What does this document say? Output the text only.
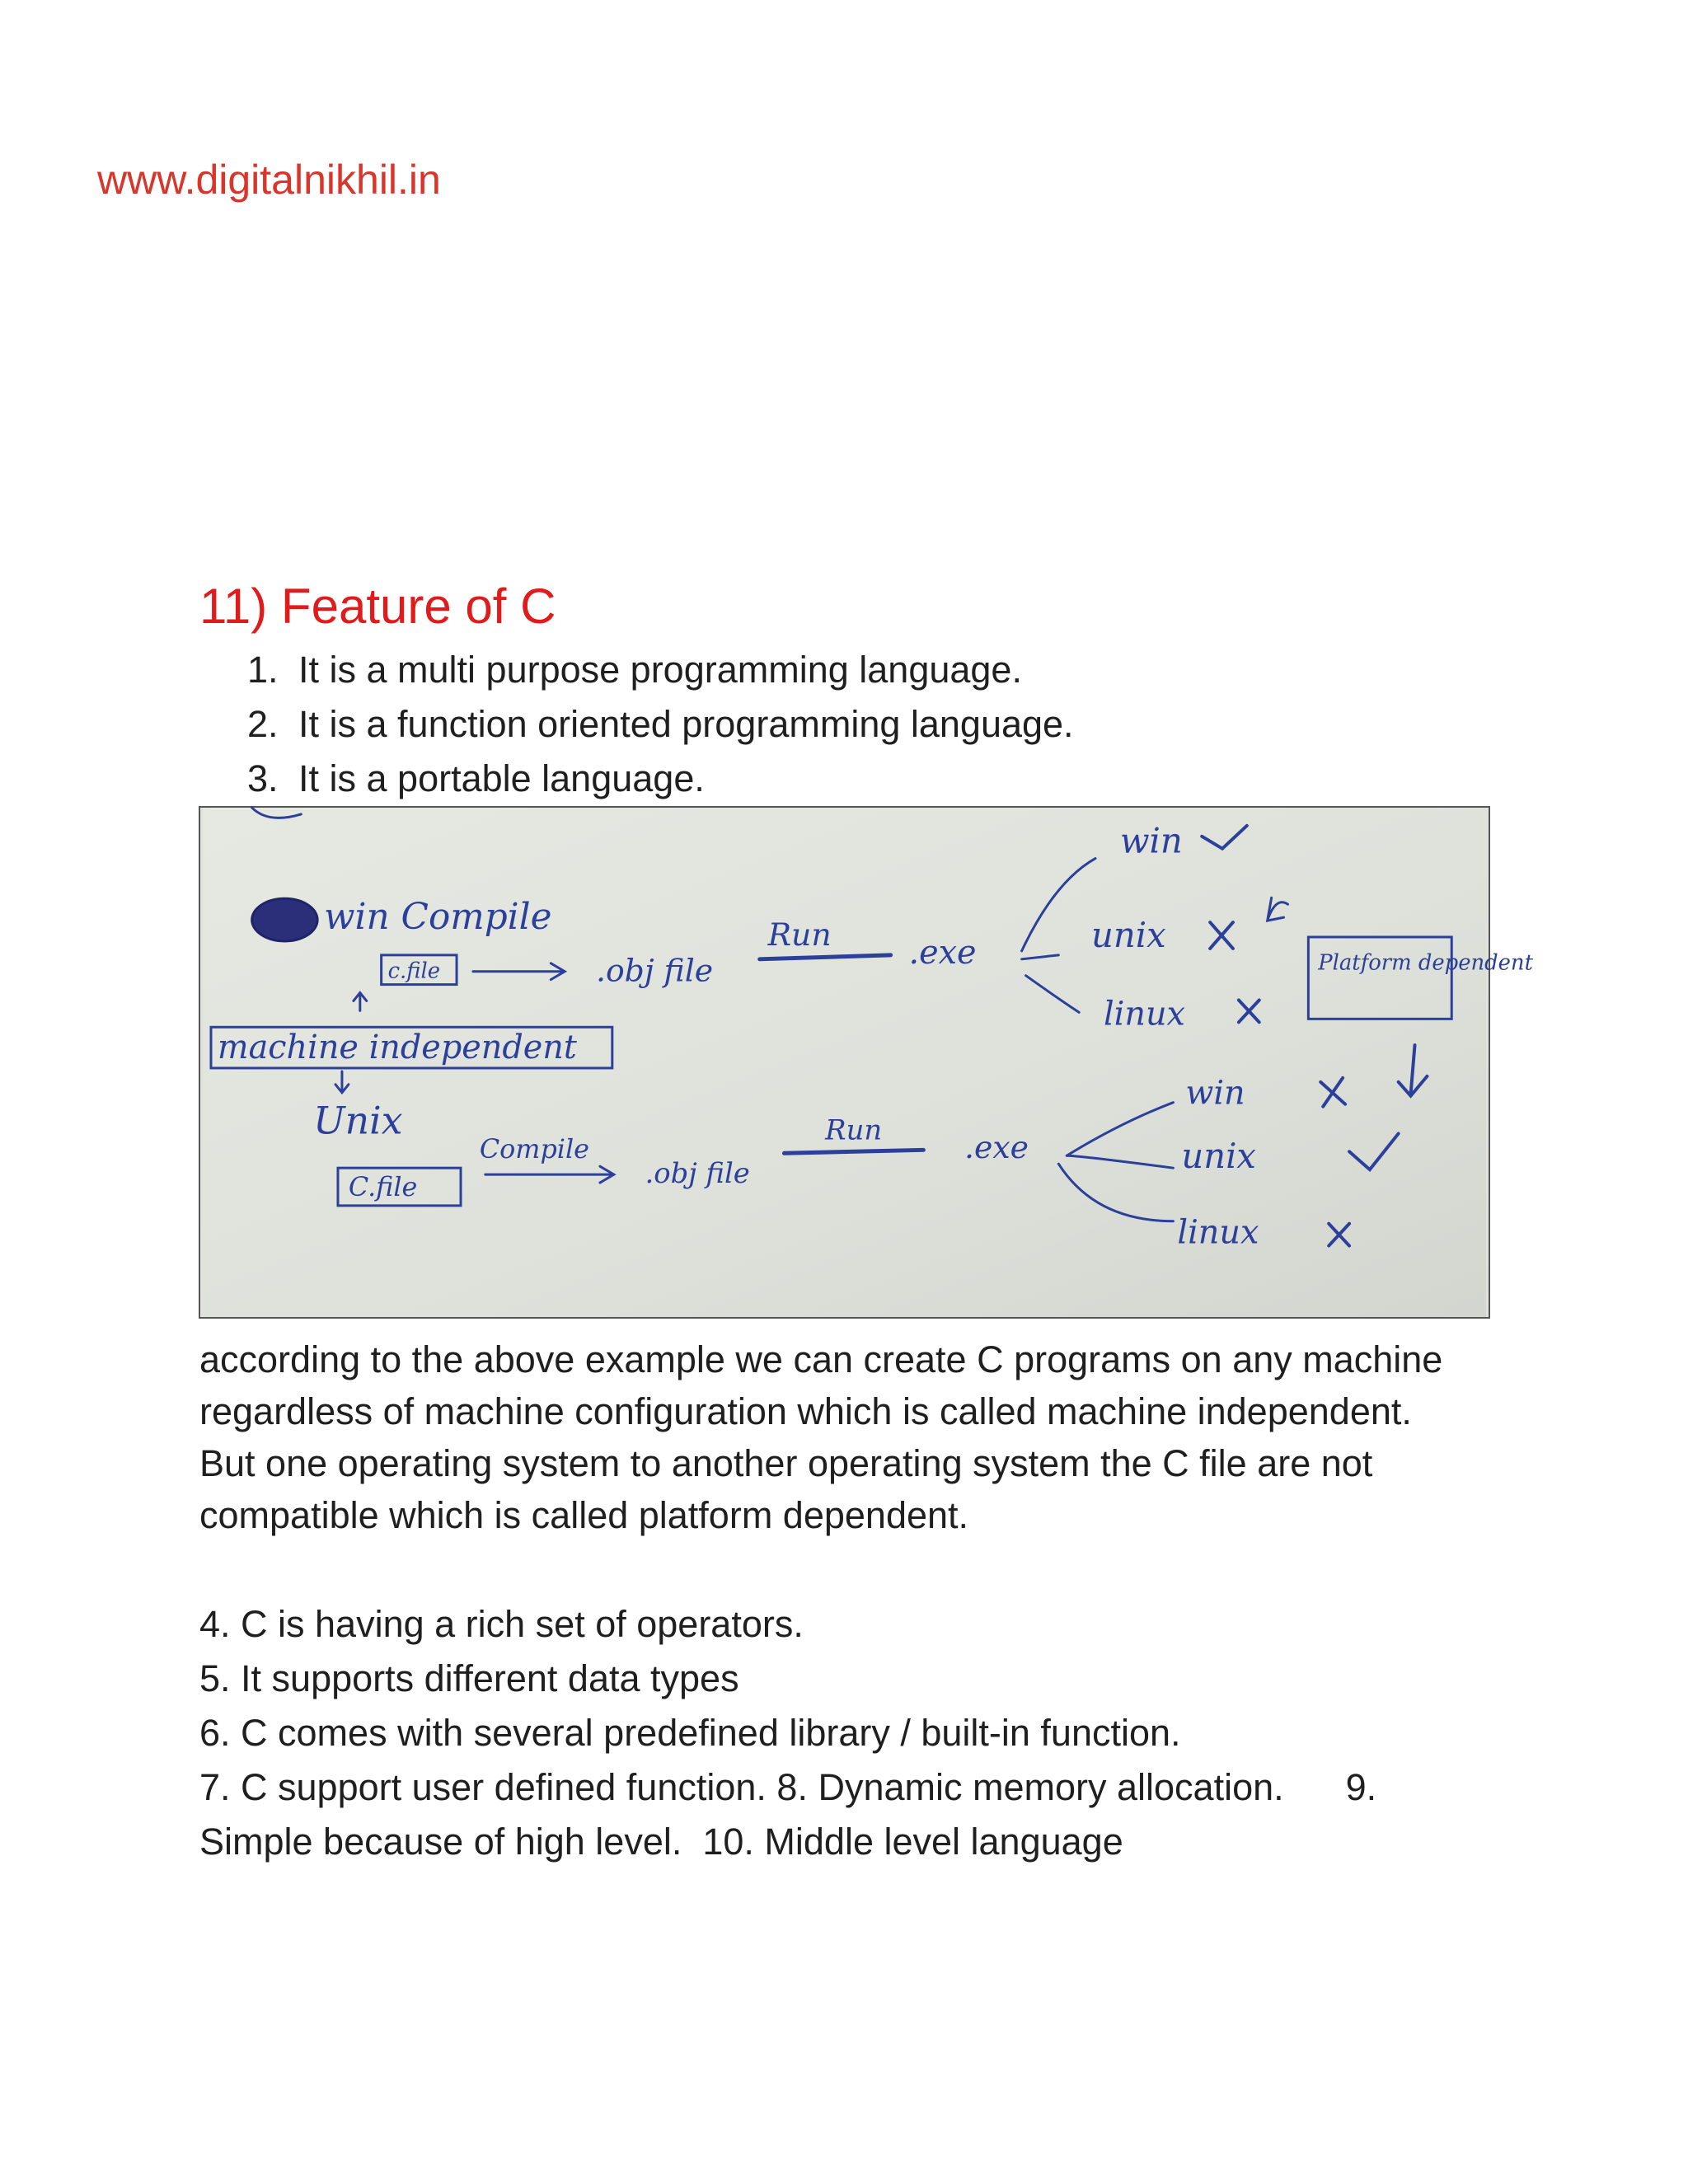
www.digitalnikhil.in
11) Feature of C
1. It is a multi purpose programming language.
2. It is a function oriented programming language.
3. It is a portable language.
win Compile
c.file	.obj file
Run .exe
win
unix
linux
Platform dependent
machine independent
Unix
C.file
Compile
.obj file
Run	.exe
win
unix
linux
according to the above example we can create C programs on any machine
regardless of machine configuration which is called machine independent.
But one operating system to another operating system the C file are not
compatible which is called platform dependent.
4. C is having a rich set of operators.
5. It supports different data types
6. C comes with several predefined library / built-in function.
7. C support user defined function. 8. Dynamic memory allocation.      9.
Simple because of high level.  10. Middle level language
